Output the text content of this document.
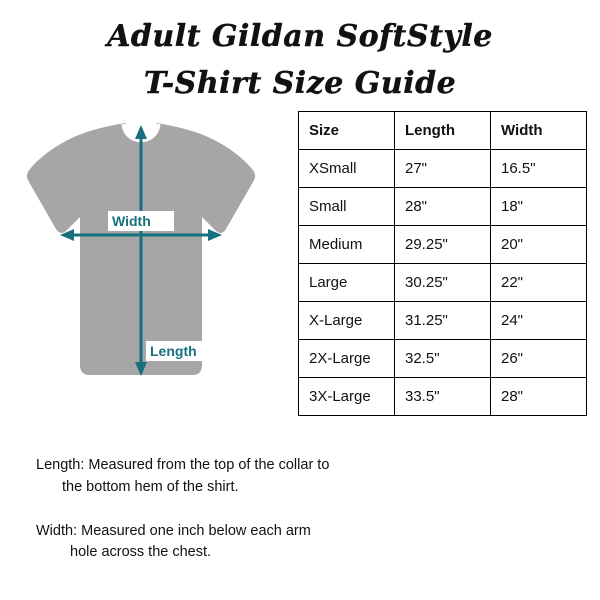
Adult Gildan SoftStyle
T-Shirt Size Guide
Width
Length
Size	Length	Width
XSmall	27"	16.5"
Small	28"	18"
Medium	29.25"	20"
Large	30.25"	22"
X-Large	31.25"	24"
2X-Large	32.5"	26"
3X-Large	33.5"	28"
Length: Measured from the top of the collar to
the bottom hem of the shirt.
Width: Measured one inch below each arm
hole across the chest.
